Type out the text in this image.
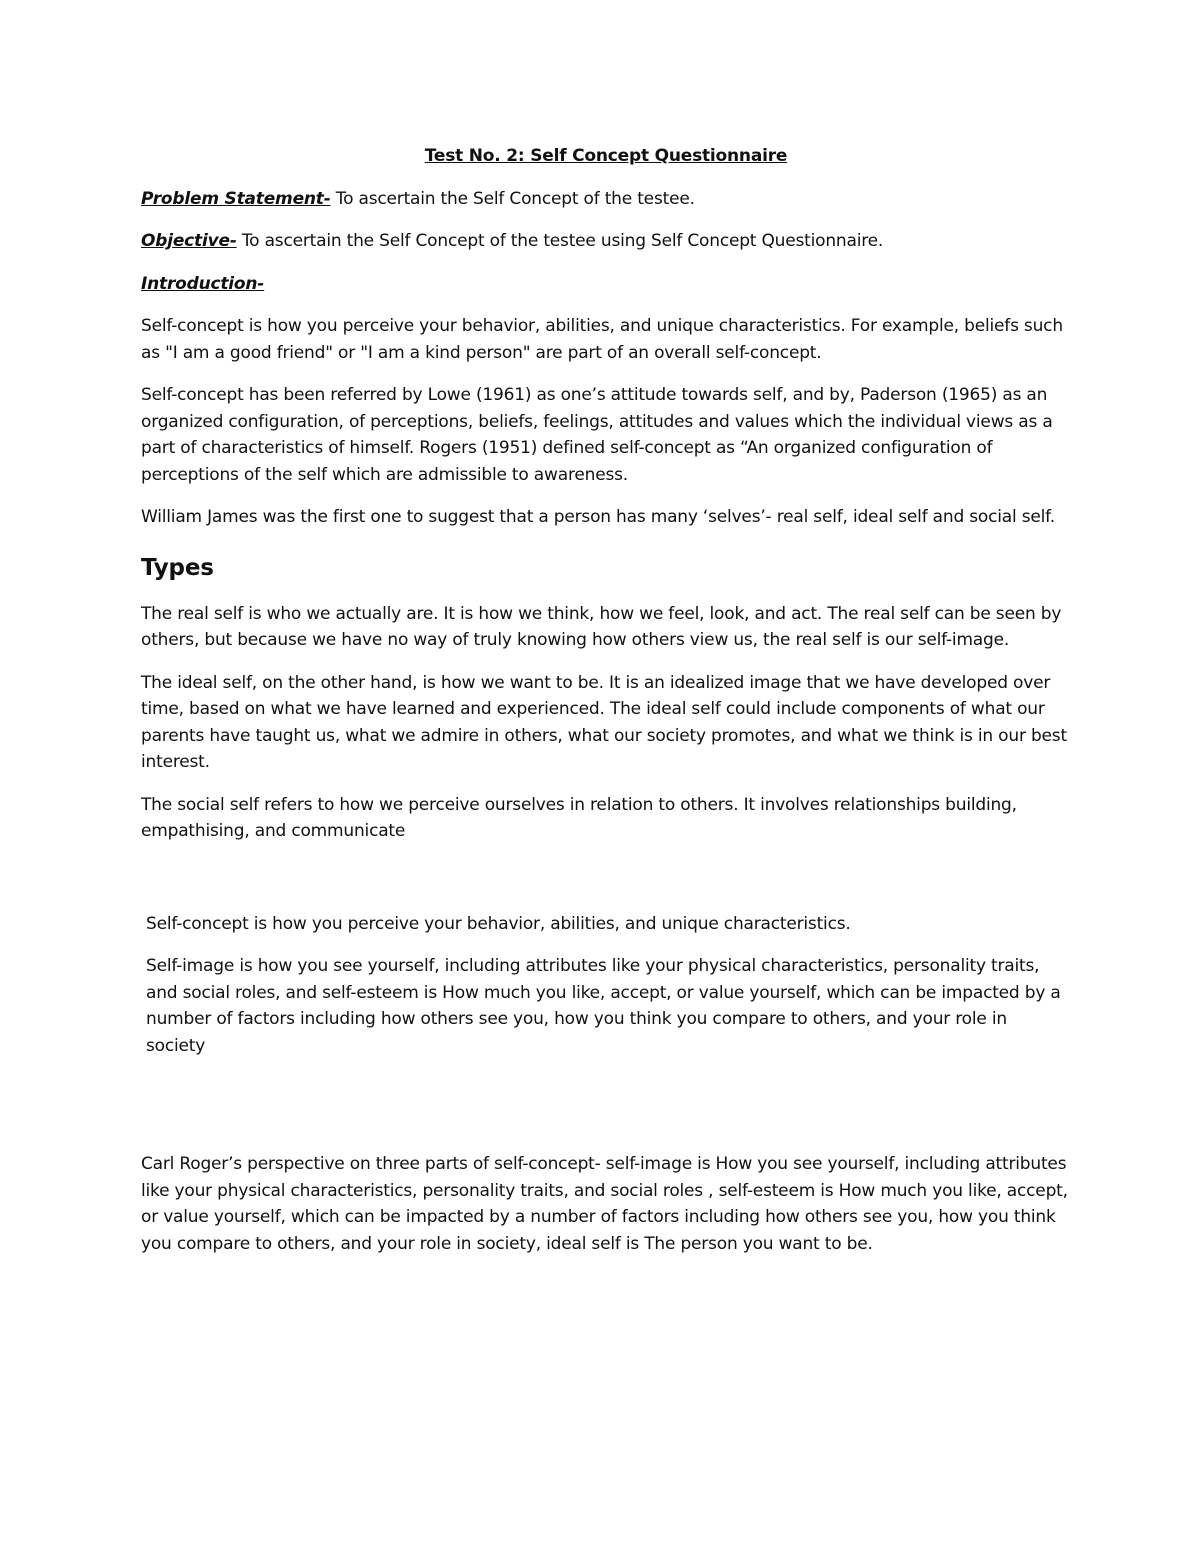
Test No. 2: Self Concept Questionnaire

Problem Statement- To ascertain the Self Concept of the testee.

Objective- To ascertain the Self Concept of the testee using Self Concept Questionnaire.

Introduction-

Self-concept is how you perceive your behavior, abilities, and unique characteristics. For example, beliefs such as "I am a good friend" or "I am a kind person" are part of an overall self-concept.

Self-concept has been referred by Lowe (1961) as one’s attitude towards self, and by, Paderson (1965) as an organized configuration, of perceptions, beliefs, feelings, attitudes and values which the individual views as a part of characteristics of himself. Rogers (1951) defined self-concept as “An organized configuration of perceptions of the self which are admissible to awareness.

William James was the first one to suggest that a person has many ‘selves’- real self, ideal self and social self.

Types

The real self is who we actually are. It is how we think, how we feel, look, and act. The real self can be seen by others, but because we have no way of truly knowing how others view us, the real self is our self-image.

The ideal self, on the other hand, is how we want to be. It is an idealized image that we have developed over time, based on what we have learned and experienced. The ideal self could include components of what our parents have taught us, what we admire in others, what our society promotes, and what we think is in our best interest.

The social self refers to how we perceive ourselves in relation to others. It involves relationships building, empathising, and communicate

Self-concept is how you perceive your behavior, abilities, and unique characteristics.

Self-image is how you see yourself, including attributes like your physical characteristics, personality traits, and social roles, and self-esteem is How much you like, accept, or value yourself, which can be impacted by a number of factors including how others see you, how you think you compare to others, and your role in society

Carl Roger’s perspective on three parts of self-concept- self-image is How you see yourself, including attributes like your physical characteristics, personality traits, and social roles , self-esteem is How much you like, accept, or value yourself, which can be impacted by a number of factors including how others see you, how you think you compare to others, and your role in society, ideal self is The person you want to be.
